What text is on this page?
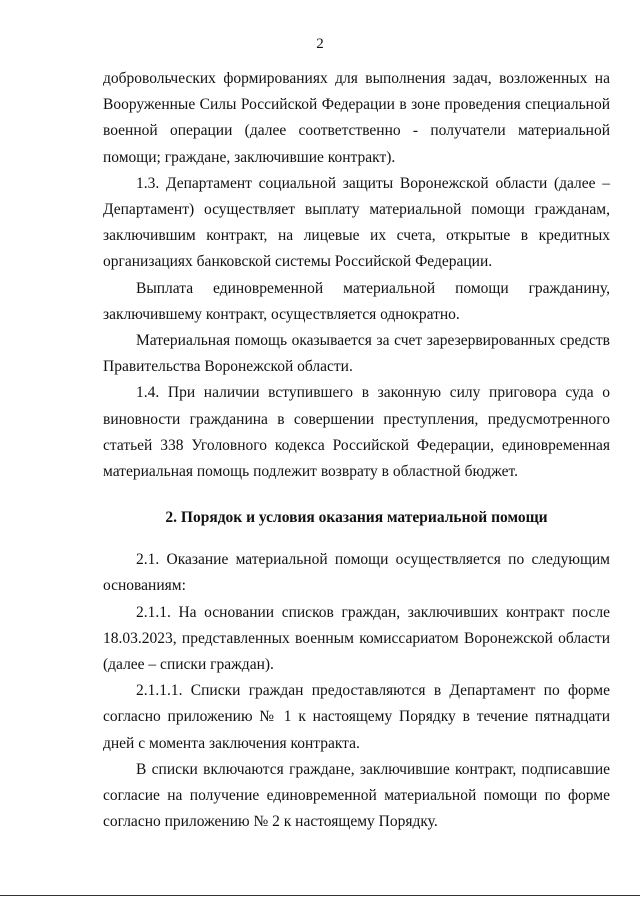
2

добровольческих формированиях для выполнения задач, возложенных на Вооруженные Силы Российской Федерации в зоне проведения специальной военной операции (далее соответственно - получатели материальной помощи; граждане, заключившие контракт).

1.3. Департамент социальной защиты Воронежской области (далее – Департамент) осуществляет выплату материальной помощи гражданам, заключившим контракт, на лицевые их счета, открытые в кредитных организациях банковской системы Российской Федерации.

Выплата единовременной материальной помощи гражданину, заключившему контракт, осуществляется однократно.

Материальная помощь оказывается за счет зарезервированных средств Правительства Воронежской области.

1.4. При наличии вступившего в законную силу приговора суда о виновности гражданина в совершении преступления, предусмотренного статьей 338 Уголовного кодекса Российской Федерации, единовременная материальная помощь подлежит возврату в областной бюджет.

2. Порядок и условия оказания материальной помощи

2.1. Оказание материальной помощи осуществляется по следующим основаниям:

2.1.1. На основании списков граждан, заключивших контракт после 18.03.2023, представленных военным комиссариатом Воронежской области (далее – списки граждан).

2.1.1.1. Списки граждан предоставляются в Департамент по форме согласно приложению № 1 к настоящему Порядку в течение пятнадцати дней с момента заключения контракта.

В списки включаются граждане, заключившие контракт, подписавшие согласие на получение единовременной материальной помощи по форме согласно приложению № 2 к настоящему Порядку.
